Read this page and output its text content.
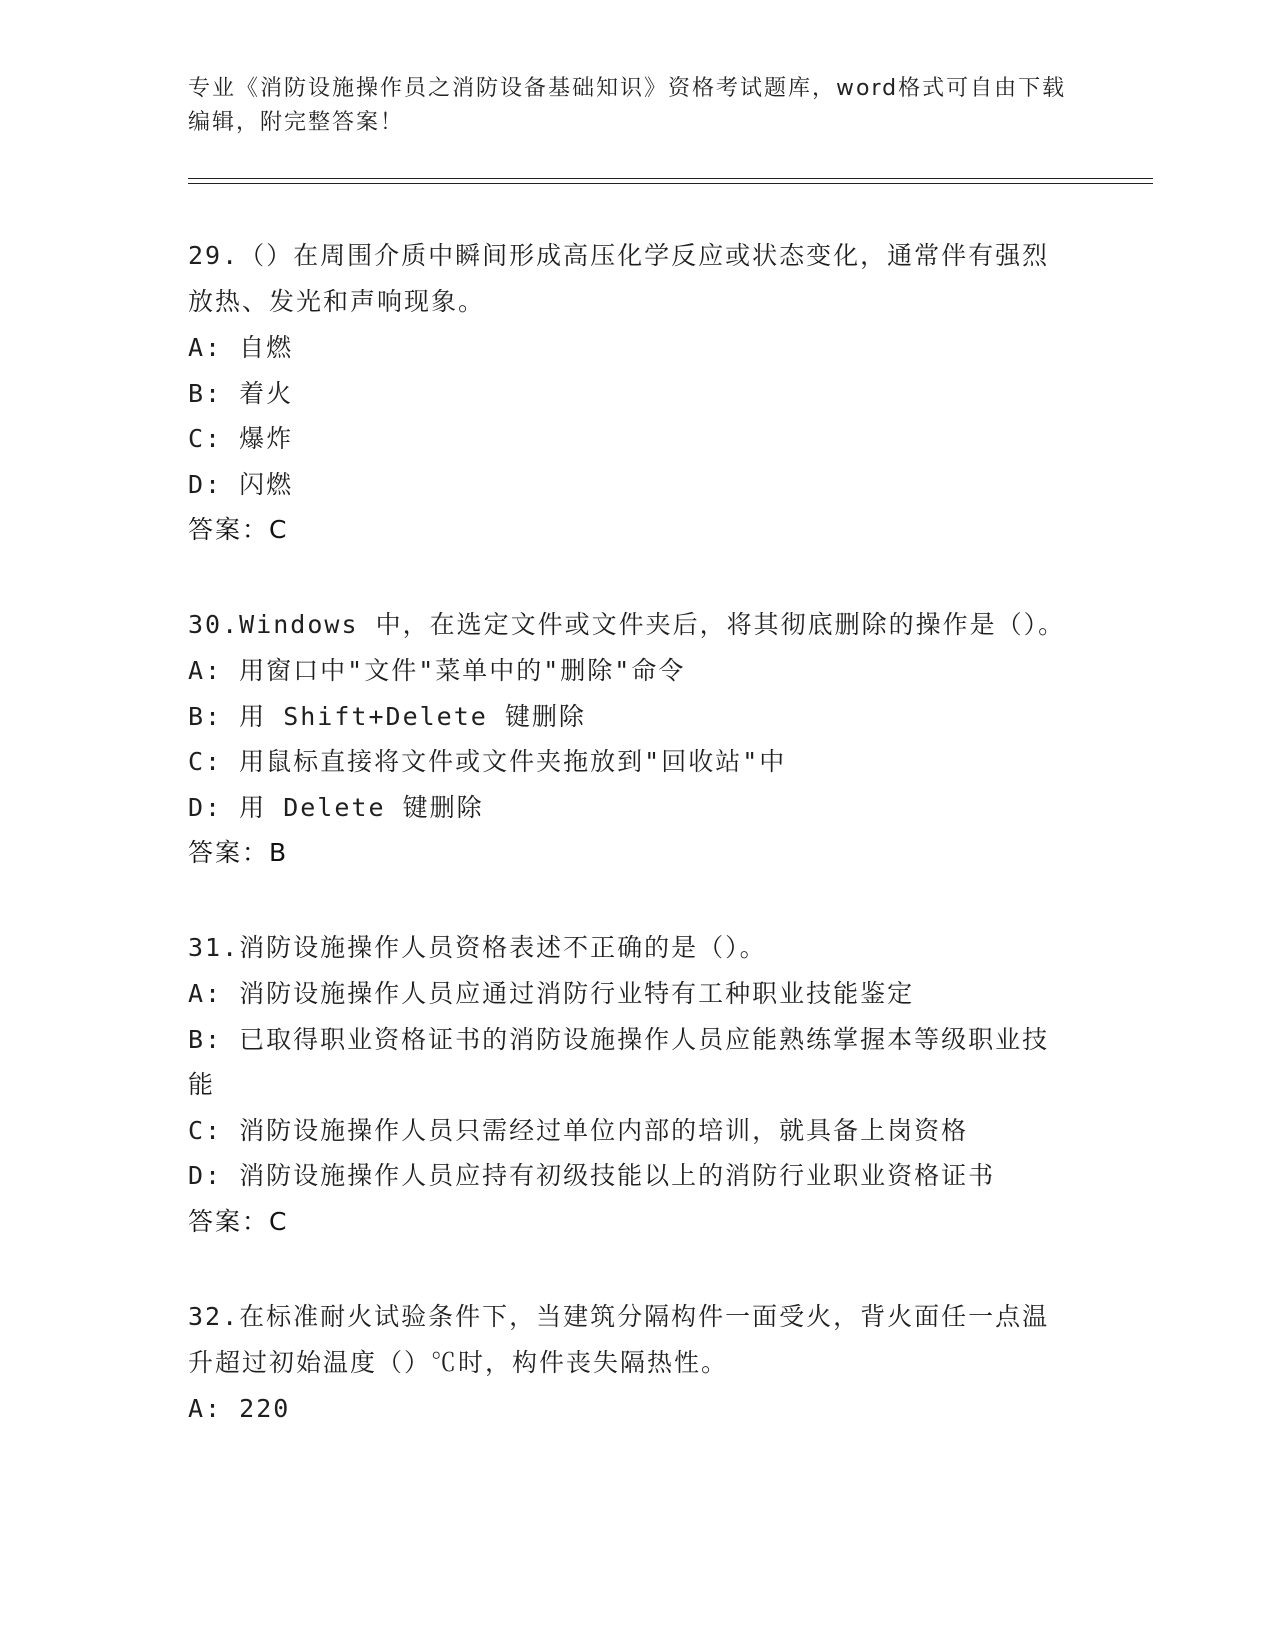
专业《消防设施操作员之消防设备基础知识》资格考试题库，word格式可自由下载编辑，附完整答案！

29.（）在周围介质中瞬间形成高压化学反应或状态变化，通常伴有强烈放热、发光和声响现象。

A: 自燃

B: 着火

C: 爆炸

D: 闪燃

答案：C

30.Windows 中，在选定文件或文件夹后，将其彻底删除的操作是（）。

A: 用窗口中"文件"菜单中的"删除"命令

B: 用 Shift+Delete 键删除

C: 用鼠标直接将文件或文件夹拖放到"回收站"中

D: 用 Delete 键删除

答案：B

31.消防设施操作人员资格表述不正确的是（）。

A: 消防设施操作人员应通过消防行业特有工种职业技能鉴定

B: 已取得职业资格证书的消防设施操作人员应能熟练掌握本等级职业技能

C: 消防设施操作人员只需经过单位内部的培训，就具备上岗资格

D: 消防设施操作人员应持有初级技能以上的消防行业职业资格证书

答案：C

32.在标准耐火试验条件下，当建筑分隔构件一面受火，背火面任一点温升超过初始温度（）℃时，构件丧失隔热性。

A: 220
